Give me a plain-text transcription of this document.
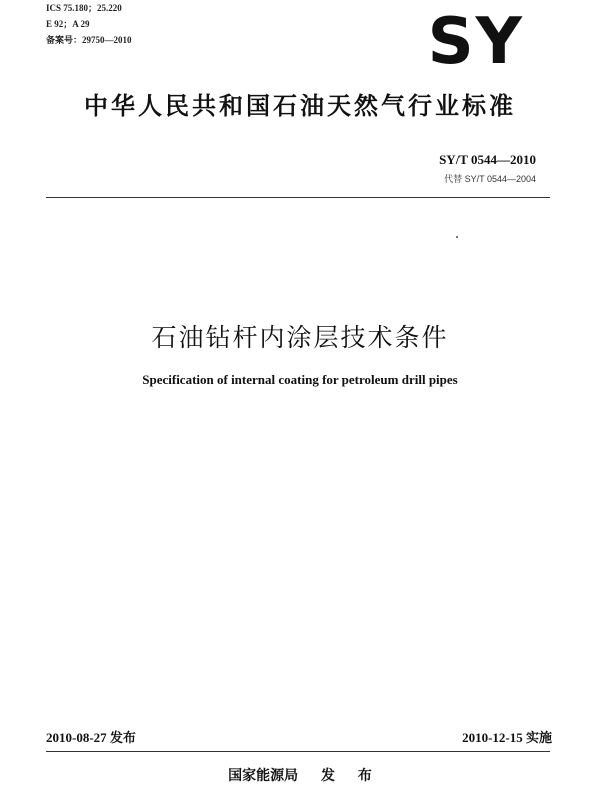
ICS 75.180；25.220
E 92；A 29
备案号：29750—2010	SY
中华人民共和国石油天然气行业标准
SY/T 0544—2010
代替 SY/T 0544—2004
石油钻杆内涂层技术条件
Specification of internal coating for petroleum drill pipes
2010-08-27 发布	2010-12-15 实施
国家能源局 发 布
